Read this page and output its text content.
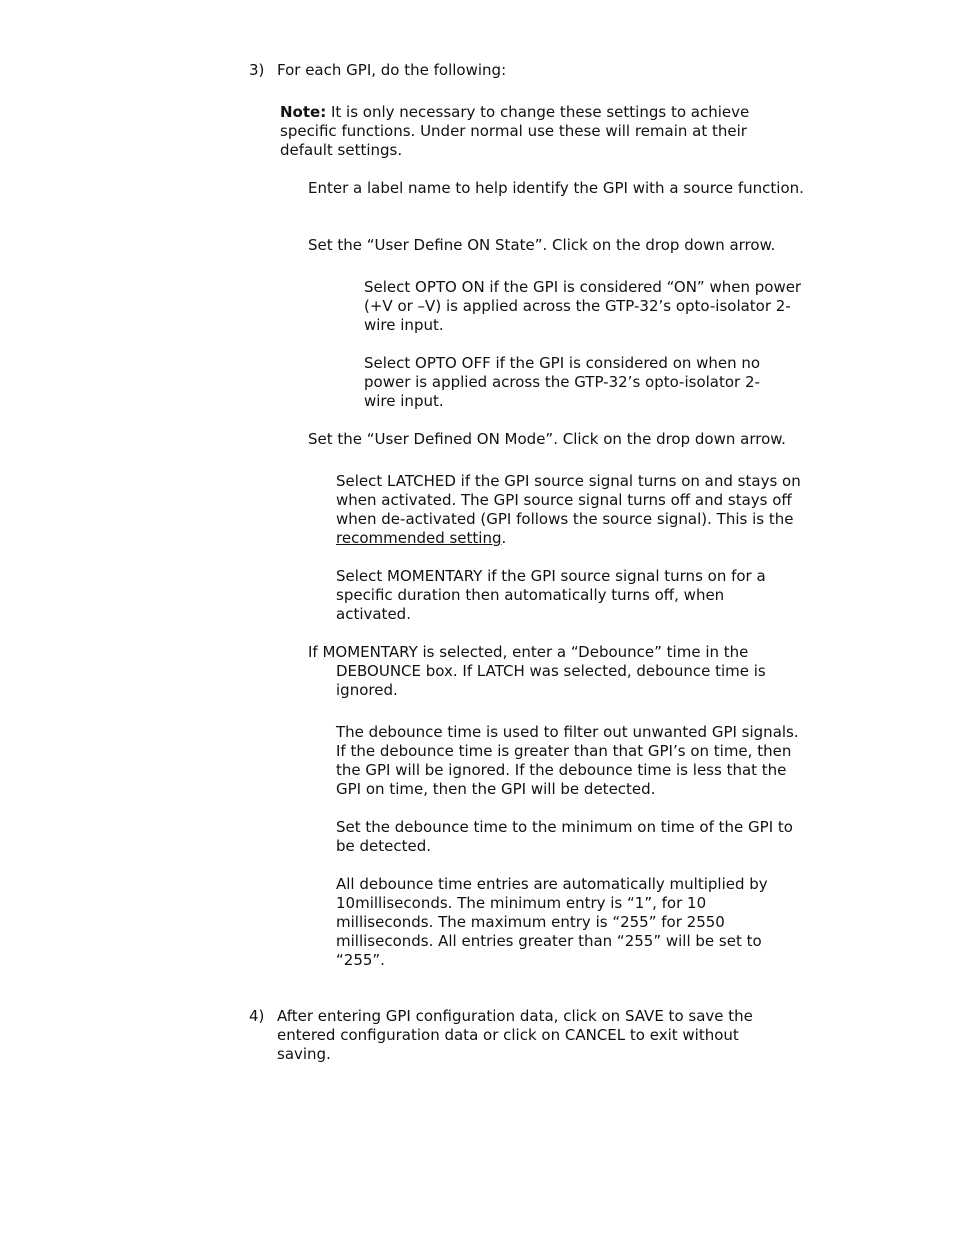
3) For each GPI, do the following:

Note: It is only necessary to change these settings to achieve specific functions. Under normal use these will remain at their default settings.

Enter a label name to help identify the GPI with a source function.

Set the “User Define ON State”. Click on the drop down arrow.

Select OPTO ON if the GPI is considered “ON” when power (+V or –V) is applied across the GTP-32’s opto-isolator 2-wire input.

Select OPTO OFF if the GPI is considered on when no power is applied across the GTP-32’s opto-isolator 2-wire input.

Set the “User Defined ON Mode”. Click on the drop down arrow.

Select LATCHED if the GPI source signal turns on and stays on when activated. The GPI source signal turns off and stays off when de-activated (GPI follows the source signal). This is the recommended setting.

Select MOMENTARY if the GPI source signal turns on for a specific duration then automatically turns off, when activated.

If MOMENTARY is selected, enter a “Debounce” time in the DEBOUNCE box. If LATCH was selected, debounce time is ignored.

The debounce time is used to filter out unwanted GPI signals. If the debounce time is greater than that GPI’s on time, then the GPI will be ignored. If the debounce time is less that the GPI on time, then the GPI will be detected.

Set the debounce time to the minimum on time of the GPI to be detected.

All debounce time entries are automatically multiplied by 10milliseconds. The minimum entry is “1”, for 10 milliseconds. The maximum entry is “255” for 2550 milliseconds. All entries greater than “255” will be set to “255”.

4) After entering GPI configuration data, click on SAVE to save the entered configuration data or click on CANCEL to exit without saving.
